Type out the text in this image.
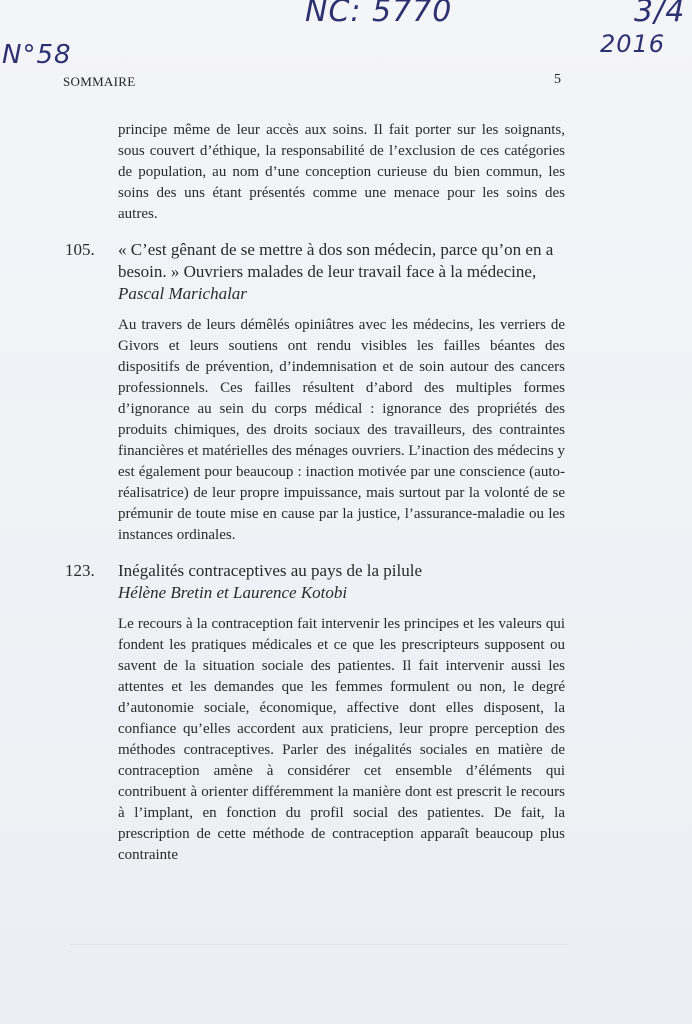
NC: 5770
N°58
3/4
2016
SOMMAIRE	5

principe même de leur accès aux soins. Il fait porter sur les soignants, sous couvert d’éthique, la responsabilité de l’exclusion de ces catégories de population, au nom d’une conception curieuse du bien commun, les soins des uns étant présentés comme une menace pour les soins des autres.

105. « C’est gênant de se mettre à dos son médecin, parce qu’on en a besoin. » Ouvriers malades de leur travail face à la médecine, Pascal Marichalar

Au travers de leurs démêlés opiniâtres avec les médecins, les verriers de Givors et leurs soutiens ont rendu visibles les failles béantes des dispositifs de prévention, d’indemnisation et de soin autour des cancers professionnels. Ces failles résultent d’abord des multiples formes d’ignorance au sein du corps médical : ignorance des propriétés des produits chimiques, des droits sociaux des travailleurs, des contraintes financières et matérielles des ménages ouvriers. L’inaction des médecins y est également pour beaucoup : inaction motivée par une conscience (auto-réalisatrice) de leur propre impuissance, mais surtout par la volonté de se prémunir de toute mise en cause par la justice, l’assurance-maladie ou les instances ordinales.

123. Inégalités contraceptives au pays de la pilule
Hélène Bretin et Laurence Kotobi

Le recours à la contraception fait intervenir les principes et les valeurs qui fondent les pratiques médicales et ce que les prescripteurs supposent ou savent de la situation sociale des patientes. Il fait intervenir aussi les attentes et les demandes que les femmes formulent ou non, le degré d’autonomie sociale, économique, affective dont elles disposent, la confiance qu’elles accordent aux praticiens, leur propre perception des méthodes contraceptives. Parler des inégalités sociales en matière de contraception amène à considérer cet ensemble d’éléments qui contribuent à orienter différemment la manière dont est prescrit le recours à l’implant, en fonction du profil social des patientes. De fait, la prescription de cette méthode de contraception apparaît beaucoup plus contrainte
